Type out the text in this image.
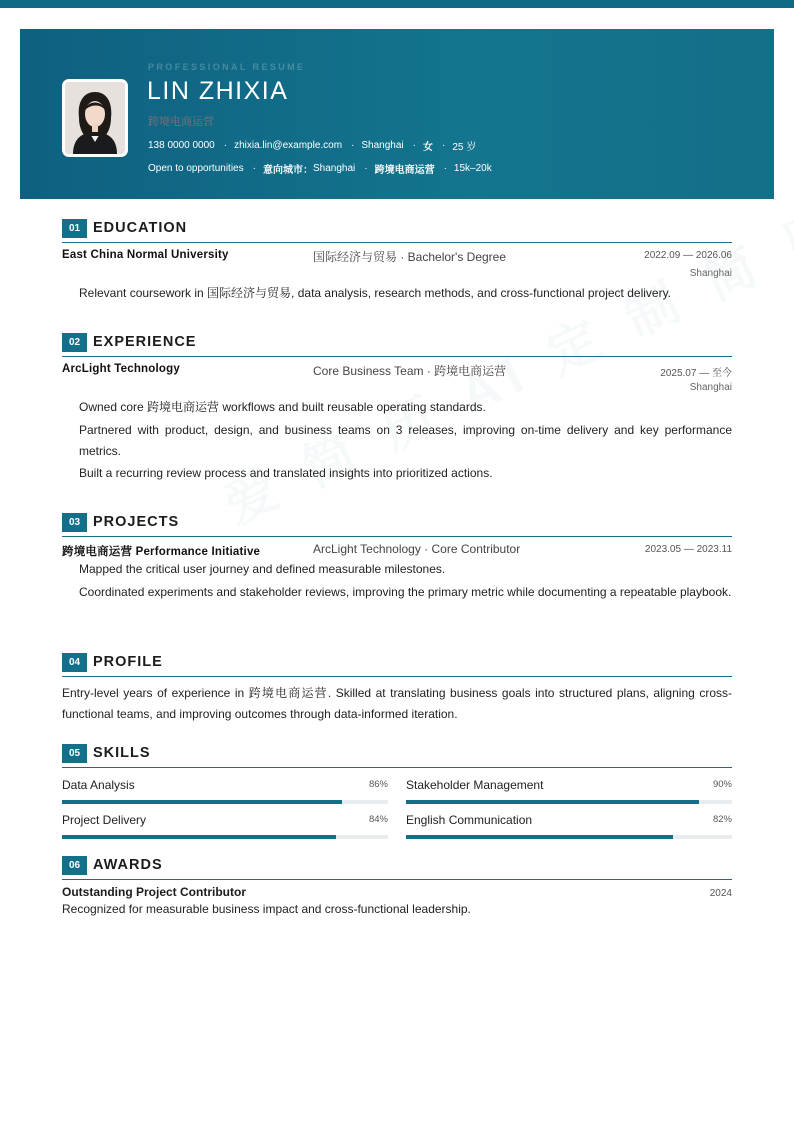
PROFESSIONAL RESUME
LIN ZHIXIA
跨境电商运营
138 0000 0000 · zhixia.lin@example.com · Shanghai · 女 · 25 岁
Open to opportunities · 意向城市： Shanghai · 跨境电商运营 · 15k–20k
01 EDUCATION
East China Normal University	国际经济与贸易 · Bachelor's Degree	2022.09 — 2026.06
Shanghai
Relevant coursework in 国际经济与贸易, data analysis, research methods, and cross-functional project delivery.
02 EXPERIENCE
ArcLight Technology	Core Business Team · 跨境电商运营	2025.07 — 至今
Shanghai
Owned core 跨境电商运营 workflows and built reusable operating standards.
Partnered with product, design, and business teams on 3 releases, improving on-time delivery and key performance metrics.
Built a recurring review process and translated insights into prioritized actions.
03 PROJECTS
跨境电商运营 Performance Initiative	ArcLight Technology · Core Contributor	2023.05 — 2023.11
Mapped the critical user journey and defined measurable milestones.
Coordinated experiments and stakeholder reviews, improving the primary metric while documenting a repeatable playbook.
04 PROFILE

Entry-level years of experience in 跨境电商运营. Skilled at translating business goals into structured plans, aligning cross-functional teams, and improving outcomes through data-informed iteration.

05 SKILLS
Data Analysis	86% Stakeholder Management	90%
Project Delivery	84% English Communication	82%
06 AWARDS
Outstanding Project Contributor	2024
Recognized for measurable business impact and cross-functional leadership.
